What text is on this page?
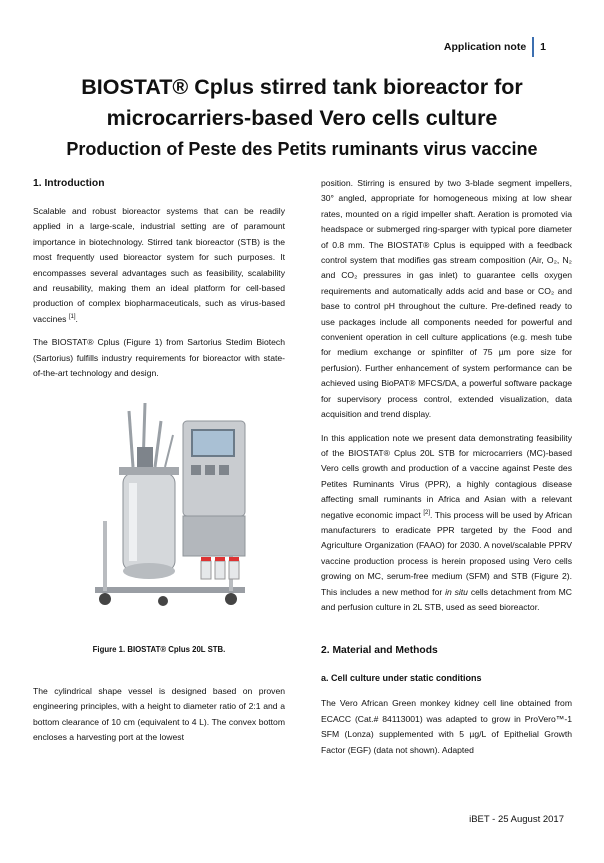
Application note 1
BIOSTAT® Cplus stirred tank bioreactor for
microcarriers-based Vero cells culture
Production of Peste des Petits ruminants virus vaccine
1. Introduction

Scalable and robust bioreactor systems that can be readily applied in a large-scale, industrial setting are of paramount importance in biotechnology. Stirred tank bioreactor (STB) is the most frequently used bioreactor system for such purposes. It encompasses several advantages such as feasibility, scalability and reusability, making them an ideal platform for cell-based production of complex biopharmaceuticals, such as virus-based vaccines [1].

The BIOSTAT® Cplus (Figure 1) from Sartorius Stedim Biotech (Sartorius) fulfills industry requirements for bioreactor with state-of-the-art technology and design.

Figure 1. BIOSTAT® Cplus 20L STB.

The cylindrical shape vessel is designed based on proven engineering principles, with a height to diameter ratio of 2:1 and a bottom clearance of 10 cm (equivalent to 4 L). The convex bottom encloses a harvesting port at the lowest

position. Stirring is ensured by two 3-blade segment impellers, 30° angled, appropriate for homogeneous mixing at low shear rates, mounted on a rigid impeller shaft. Aeration is promoted via headspace or submerged ring-sparger with typical pore diameter of 0.8 mm. The BIOSTAT® Cplus is equipped with a feedback control system that modifies gas stream composition (Air, O₂, N₂ and CO₂ pressures in gas inlet) to guarantee cells oxygen requirements and automatically adds acid and base or CO₂ and base to control pH throughout the culture. Pre-defined ready to use packages include all components needed for powerful and convenient operation in cell culture applications (e.g. mesh tube for medium exchange or spinfilter of 75 µm pore size for perfusion). Further enhancement of system performance can be achieved using BioPAT® MFCS/DA, a powerful software package for supervisory process control, extended visualization, data acquisition and trend display.

In this application note we present data demonstrating feasibility of the BIOSTAT® Cplus 20L STB for microcarriers (MC)-based Vero cells growth and production of a vaccine against Peste des Petites Ruminants Virus (PPR), a highly contagious disease affecting small ruminants in Africa and Asian with a relevant negative economic impact [2]. This process will be used by African manufacturers to eradicate PPR targeted by the Food and Agriculture Organization (FAAO) for 2030. A novel/scalable PPRV vaccine production process is herein proposed using Vero cells growing on MC, serum-free medium (SFM) and STB (Figure 2). This includes a new method for in situ cells detachment from MC and perfusion culture in 2L STB, used as seed bioreactor.

2. Material and Methods
a. Cell culture under static conditions

The Vero African Green monkey kidney cell line obtained from ECACC (Cat.# 84113001) was adapted to grow in ProVero™-1 SFM (Lonza) supplemented with 5 µg/L of Epithelial Growth Factor (EGF) (data not shown). Adapted

iBET - 25 August 2017
